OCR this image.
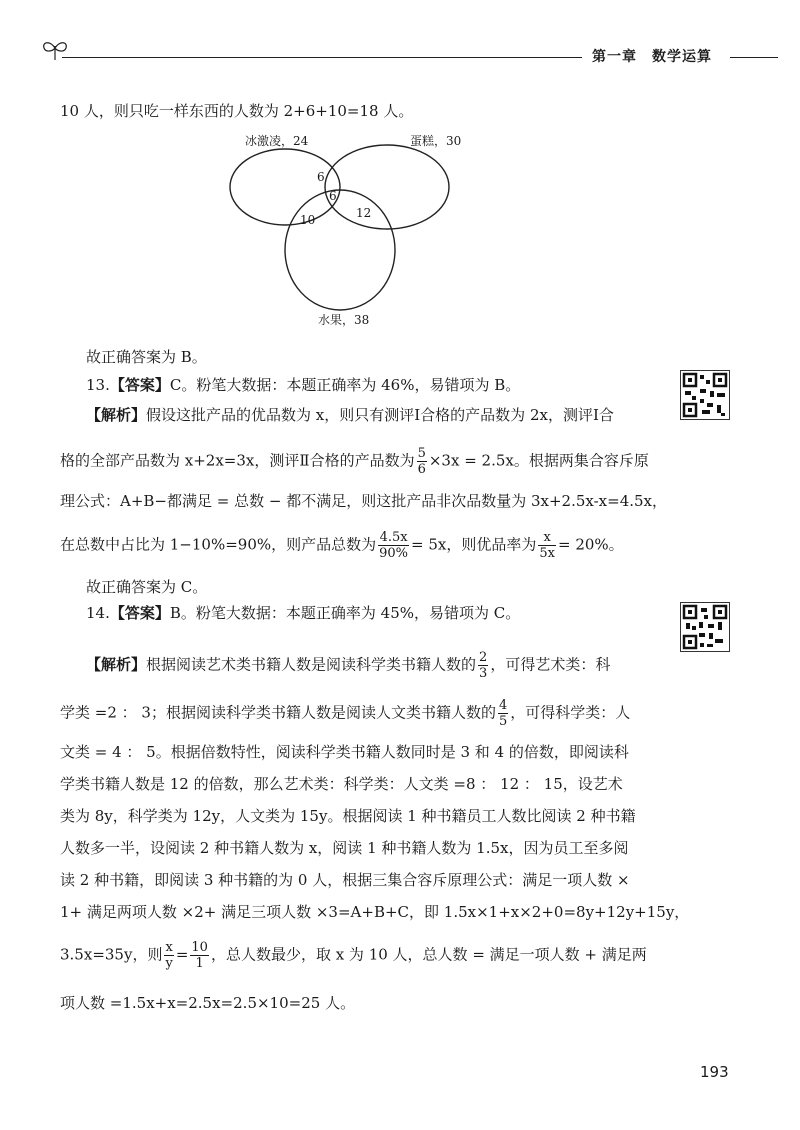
第一章　数学运算
10 人，则只吃一样东西的人数为 2+6+10=18 人。
冰激凌，24	蛋糕，30
水果，38
6
6
10	12
故正确答案为 B。
13.【答案】C。粉笔大数据：本题正确率为 46%，易错项为 B。
【解析】假设这批产品的优品数为 x，则只有测评Ⅰ合格的产品数为 2x，测评Ⅰ合
格的全部产品数为 x+2x=3x，测评Ⅱ合格的产品数为 $\frac{5}{6} \times 3x = 2.5x$。根据两集合容斥原
理公式：A+B−都满足 = 总数 − 都不满足，则这批产品非次品数量为 3x+2.5x-x=4.5x，
在总数中占比为 1−10%=90%，则产品总数为 $\frac{4.5x}{90\%} = 5x$，则优品率为 $\frac{x}{5x} = 20\%$。
故正确答案为 C。
14.【答案】B。粉笔大数据：本题正确率为 45%，易错项为 C。
【解析】根据阅读艺术类书籍人数是阅读科学类书籍人数的 $\frac{2}{3}$ ，可得艺术类：科
学类 =2 ： 3；根据阅读科学类书籍人数是阅读人文类书籍人数的 $\frac{4}{5}$ ，可得科学类：人
文类 = 4 ： 5。根据倍数特性，阅读科学类书籍人数同时是 3 和 4 的倍数，即阅读科
学类书籍人数是 12 的倍数，那么艺术类：科学类：人文类 =8 ： 12 ： 15，设艺术
类为 8y，科学类为 12y，人文类为 15y。根据阅读 1 种书籍员工人数比阅读 2 种书籍
人数多一半，设阅读 2 种书籍人数为 x，阅读 1 种书籍人数为 1.5x，因为员工至多阅
读 2 种书籍，即阅读 3 种书籍的为 0 人，根据三集合容斥原理公式：满足一项人数 ×
1+ 满足两项人数 ×2+ 满足三项人数 ×3=A+B+C，即 1.5x×1+x×2+0=8y+12y+15y，
3.5x=35y，则 $\frac{x}{y} = \frac{10}{1}$ ，总人数最少，取 x 为 10 人，总人数 = 满足一项人数 + 满足两
项人数 =1.5x+x=2.5x=2.5×10=25 人。
193
